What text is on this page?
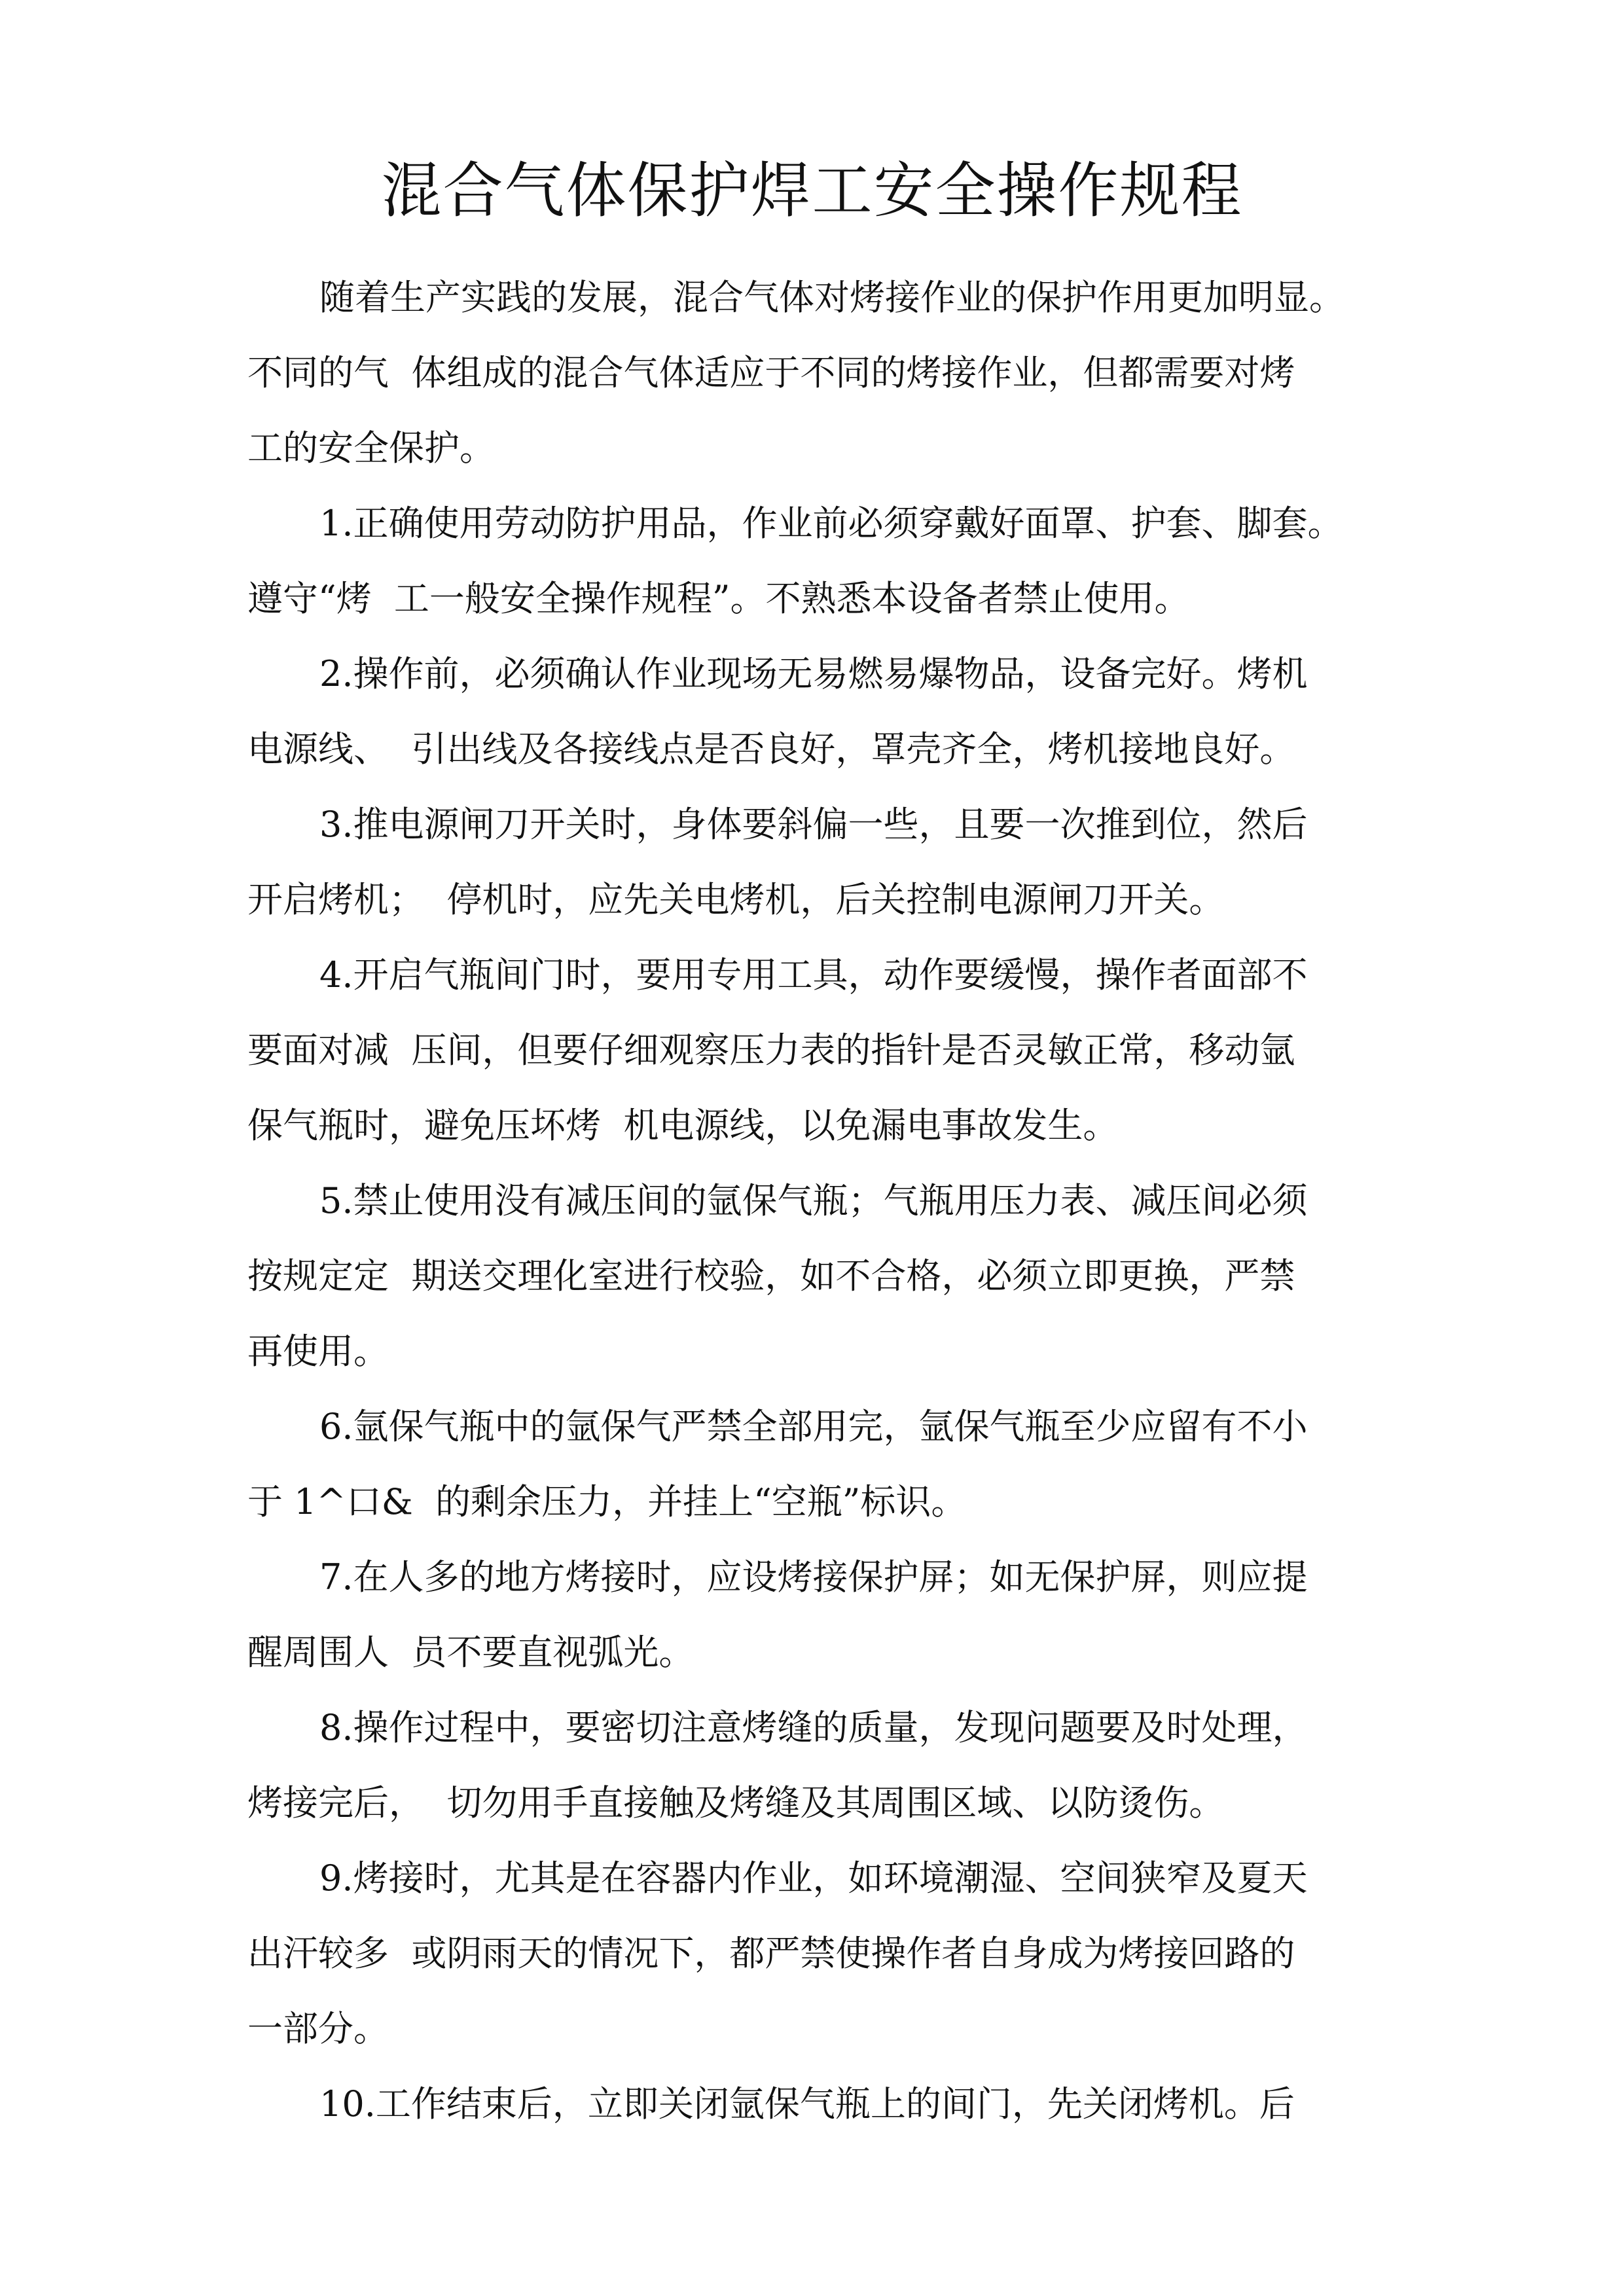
混合气体保护焊工安全操作规程

随着生产实践的发展，混合气体对烤接作业的保护作用更加明显。

不同的气  体组成的混合气体适应于不同的烤接作业，但都需要对烤

工的安全保护。

1.正确使用劳动防护用品，作业前必须穿戴好面罩、护套、脚套。

遵守“烤  工一般安全操作规程”。不熟悉本设备者禁止使用。

2.操作前，必须确认作业现场无易燃易爆物品，设备完好。烤机

电源线、  引出线及各接线点是否良好，罩壳齐全，烤机接地良好。

3.推电源闸刀开关时，身体要斜偏一些，且要一次推到位，然后

开启烤机；  停机时，应先关电烤机，后关控制电源闸刀开关。

4.开启气瓶间门时，要用专用工具，动作要缓慢，操作者面部不

要面对减  压间，但要仔细观察压力表的指针是否灵敏正常，移动氩

保气瓶时，避免压坏烤  机电源线，以免漏电事故发生。

5.禁止使用没有减压间的氩保气瓶；气瓶用压力表、减压间必须

按规定定  期送交理化室进行校验，如不合格，必须立即更换，严禁

再使用。

6.氩保气瓶中的氩保气严禁全部用完，氩保气瓶至少应留有不小

于 1^口&  的剩余压力，并挂上“空瓶”标识。

7.在人多的地方烤接时，应设烤接保护屏；如无保护屏，则应提

醒周围人  员不要直视弧光。

8.操作过程中，要密切注意烤缝的质量，发现问题要及时处理，

烤接完后，  切勿用手直接触及烤缝及其周围区域、以防烫伤。

9.烤接时，尤其是在容器内作业，如环境潮湿、空间狭窄及夏天

出汗较多  或阴雨天的情况下，都严禁使操作者自身成为烤接回路的

一部分。

10.工作结束后，立即关闭氩保气瓶上的间门，先关闭烤机。后
